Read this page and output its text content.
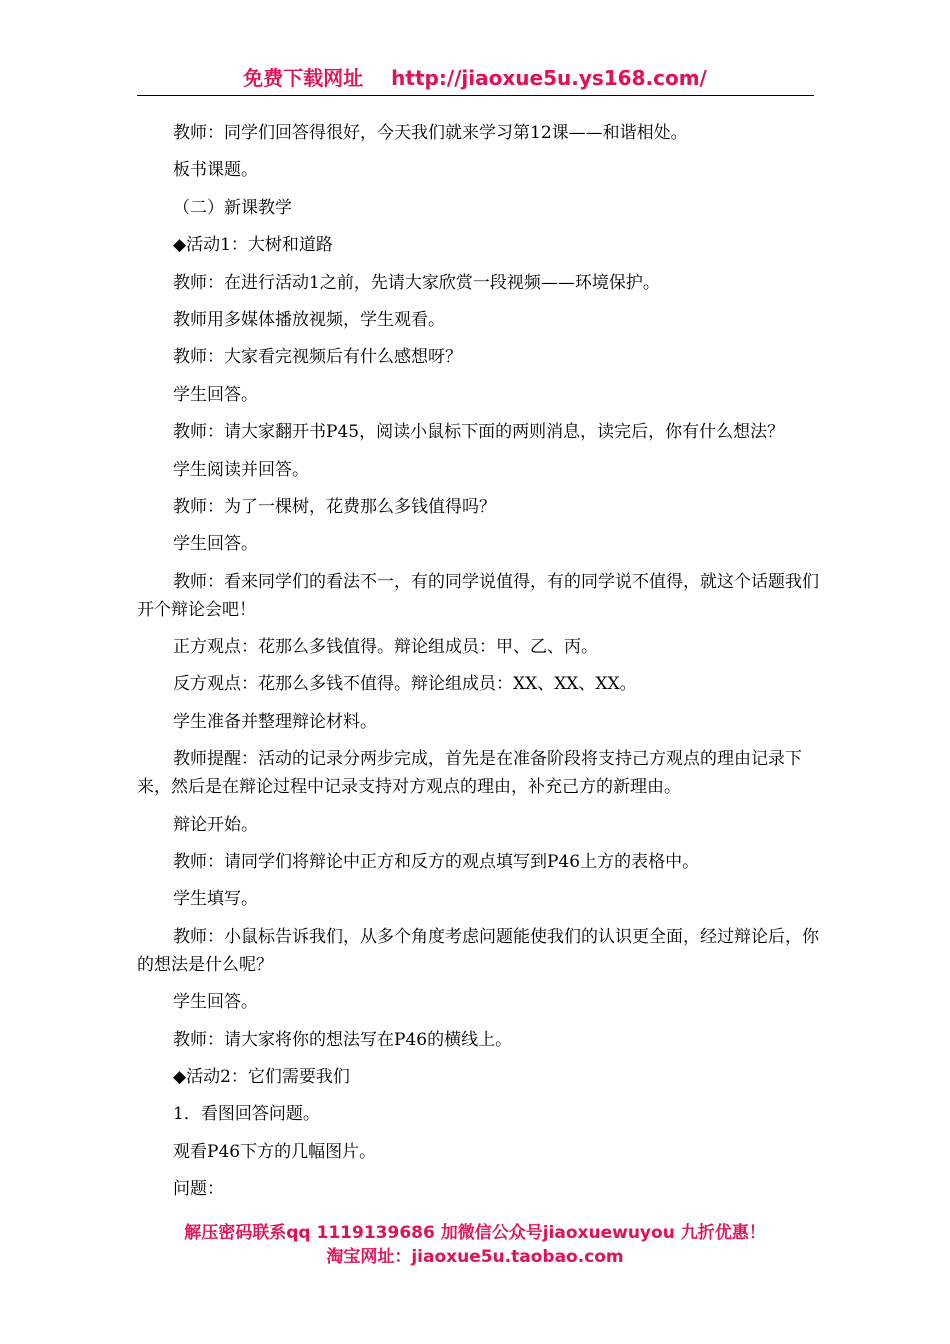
免费下载网址 http://jiaoxue5u.ys168.com/

教师：同学们回答得很好，今天我们就来学习第12课——和谐相处。

板书课题。

（二）新课教学

◆活动1：大树和道路

教师：在进行活动1之前，先请大家欣赏一段视频——环境保护。

教师用多媒体播放视频，学生观看。

教师：大家看完视频后有什么感想呀？

学生回答。

教师：请大家翻开书P45，阅读小鼠标下面的两则消息，读完后，你有什么想法？

学生阅读并回答。

教师：为了一棵树，花费那么多钱值得吗？

学生回答。

教师：看来同学们的看法不一，有的同学说值得，有的同学说不值得，就这个话题我们开个辩论会吧！

正方观点：花那么多钱值得。辩论组成员：甲、乙、丙。

反方观点：花那么多钱不值得。辩论组成员：XX、XX、XX。

学生准备并整理辩论材料。

教师提醒：活动的记录分两步完成，首先是在准备阶段将支持己方观点的理由记录下来，然后是在辩论过程中记录支持对方观点的理由，补充己方的新理由。

辩论开始。

教师：请同学们将辩论中正方和反方的观点填写到P46上方的表格中。

学生填写。

教师：小鼠标告诉我们，从多个角度考虑问题能使我们的认识更全面，经过辩论后，你的想法是什么呢？

学生回答。

教师：请大家将你的想法写在P46的横线上。

◆活动2：它们需要我们

1．看图回答问题。

观看P46下方的几幅图片。

问题：

解压密码联系qq 1119139686 加微信公众号jiaoxuewuyou 九折优惠！
淘宝网址：jiaoxue5u.taobao.com
